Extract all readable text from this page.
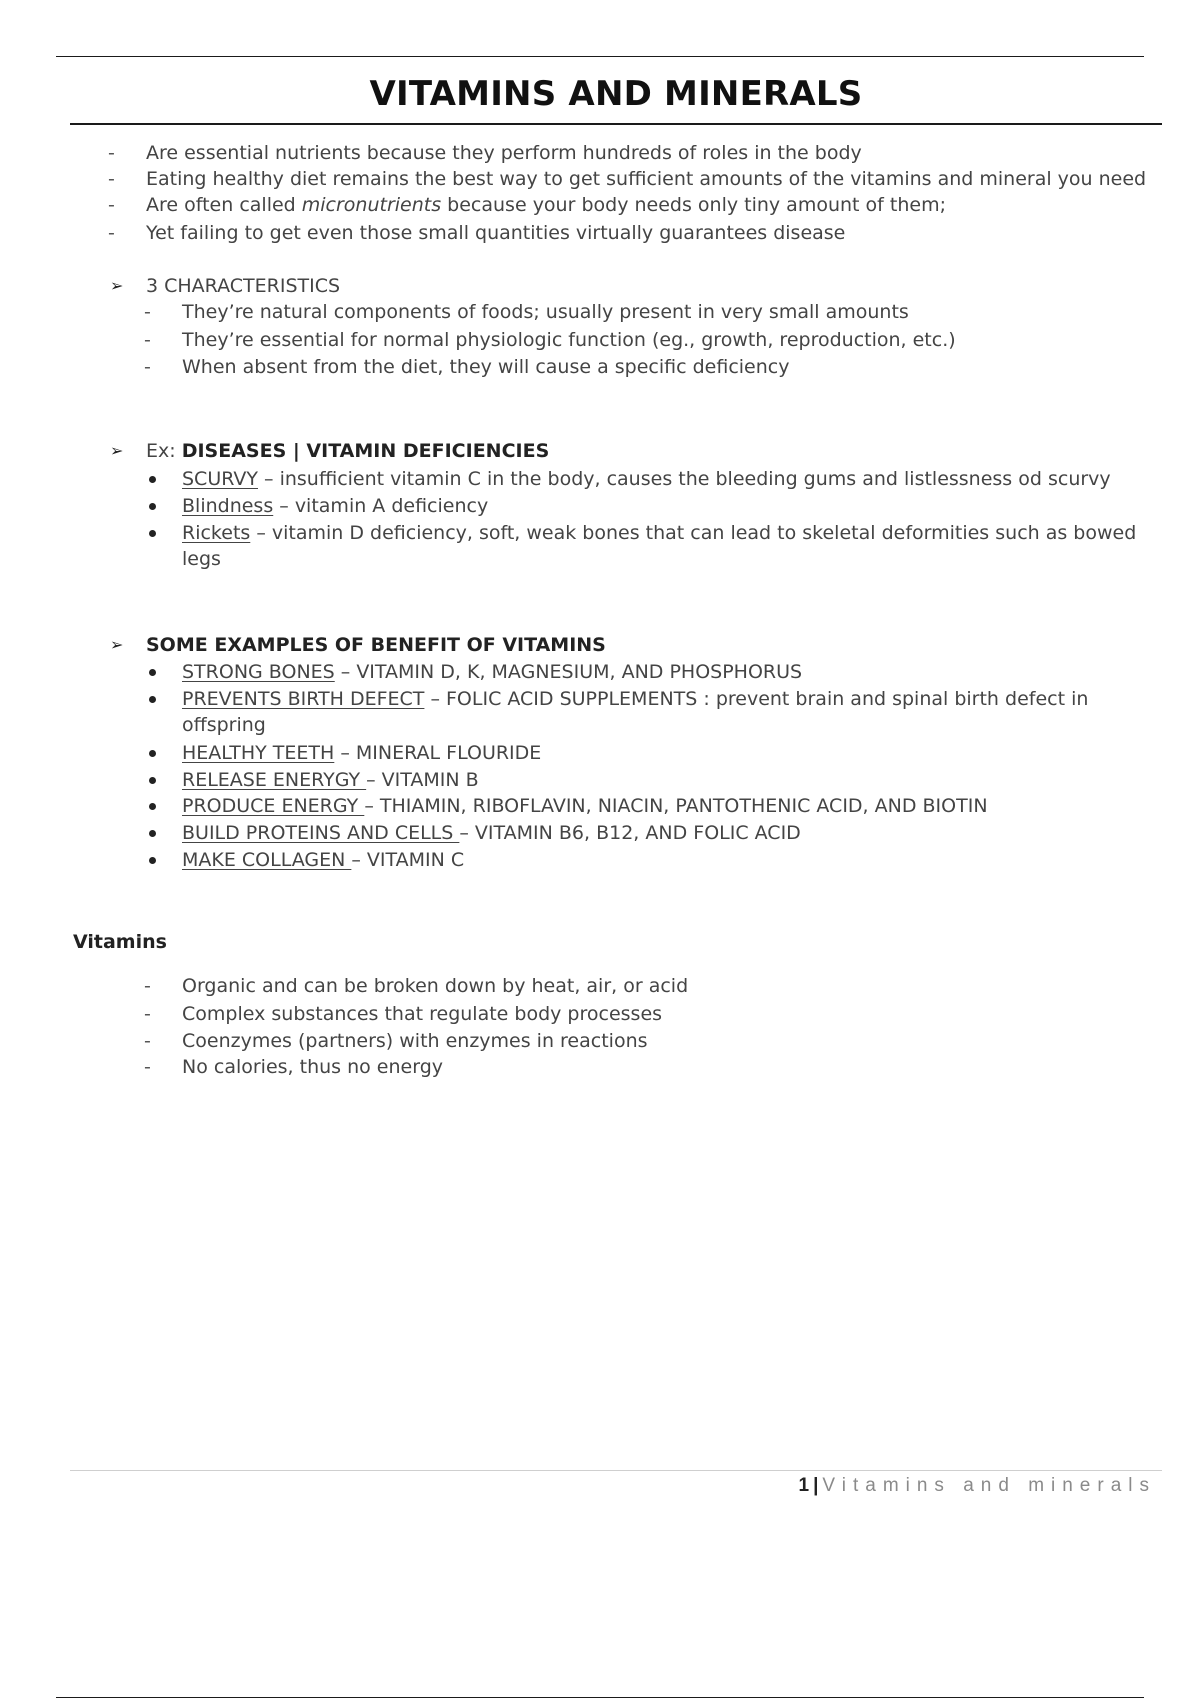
VITAMINS AND MINERALS
- Are essential nutrients because they perform hundreds of roles in the body
- Eating healthy diet remains the best way to get sufficient amounts of the vitamins and mineral you need
- Are often called micronutrients because your body needs only tiny amount of them;
- Yet failing to get even those small quantities virtually guarantees disease
➢ 3 CHARACTERISTICS
- They’re natural components of foods; usually present in very small amounts
- They’re essential for normal physiologic function (eg., growth, reproduction, etc.)
- When absent from the diet, they will cause a specific deficiency
➢ Ex: DISEASES | VITAMIN DEFICIENCIES
SCURVY – insufficient vitamin C in the body, causes the bleeding gums and listlessness od scurvy
Blindness – vitamin A deficiency
Rickets – vitamin D deficiency, soft, weak bones that can lead to skeletal deformities such as bowed
legs
➢ SOME EXAMPLES OF BENEFIT OF VITAMINS
STRONG BONES – VITAMIN D, K, MAGNESIUM, AND PHOSPHORUS
PREVENTS BIRTH DEFECT – FOLIC ACID SUPPLEMENTS : prevent brain and spinal birth defect in
offspring
HEALTHY TEETH – MINERAL FLOURIDE
RELEASE ENERYGY – VITAMIN B
PRODUCE ENERGY – THIAMIN, RIBOFLAVIN, NIACIN, PANTOTHENIC ACID, AND BIOTIN
BUILD PROTEINS AND CELLS – VITAMIN B6, B12, AND FOLIC ACID
MAKE COLLAGEN – VITAMIN C
Vitamins
- Organic and can be broken down by heat, air, or acid
- Complex substances that regulate body processes
- Coenzymes (partners) with enzymes in reactions
- No calories, thus no energy
1 | Vitamins and minerals
